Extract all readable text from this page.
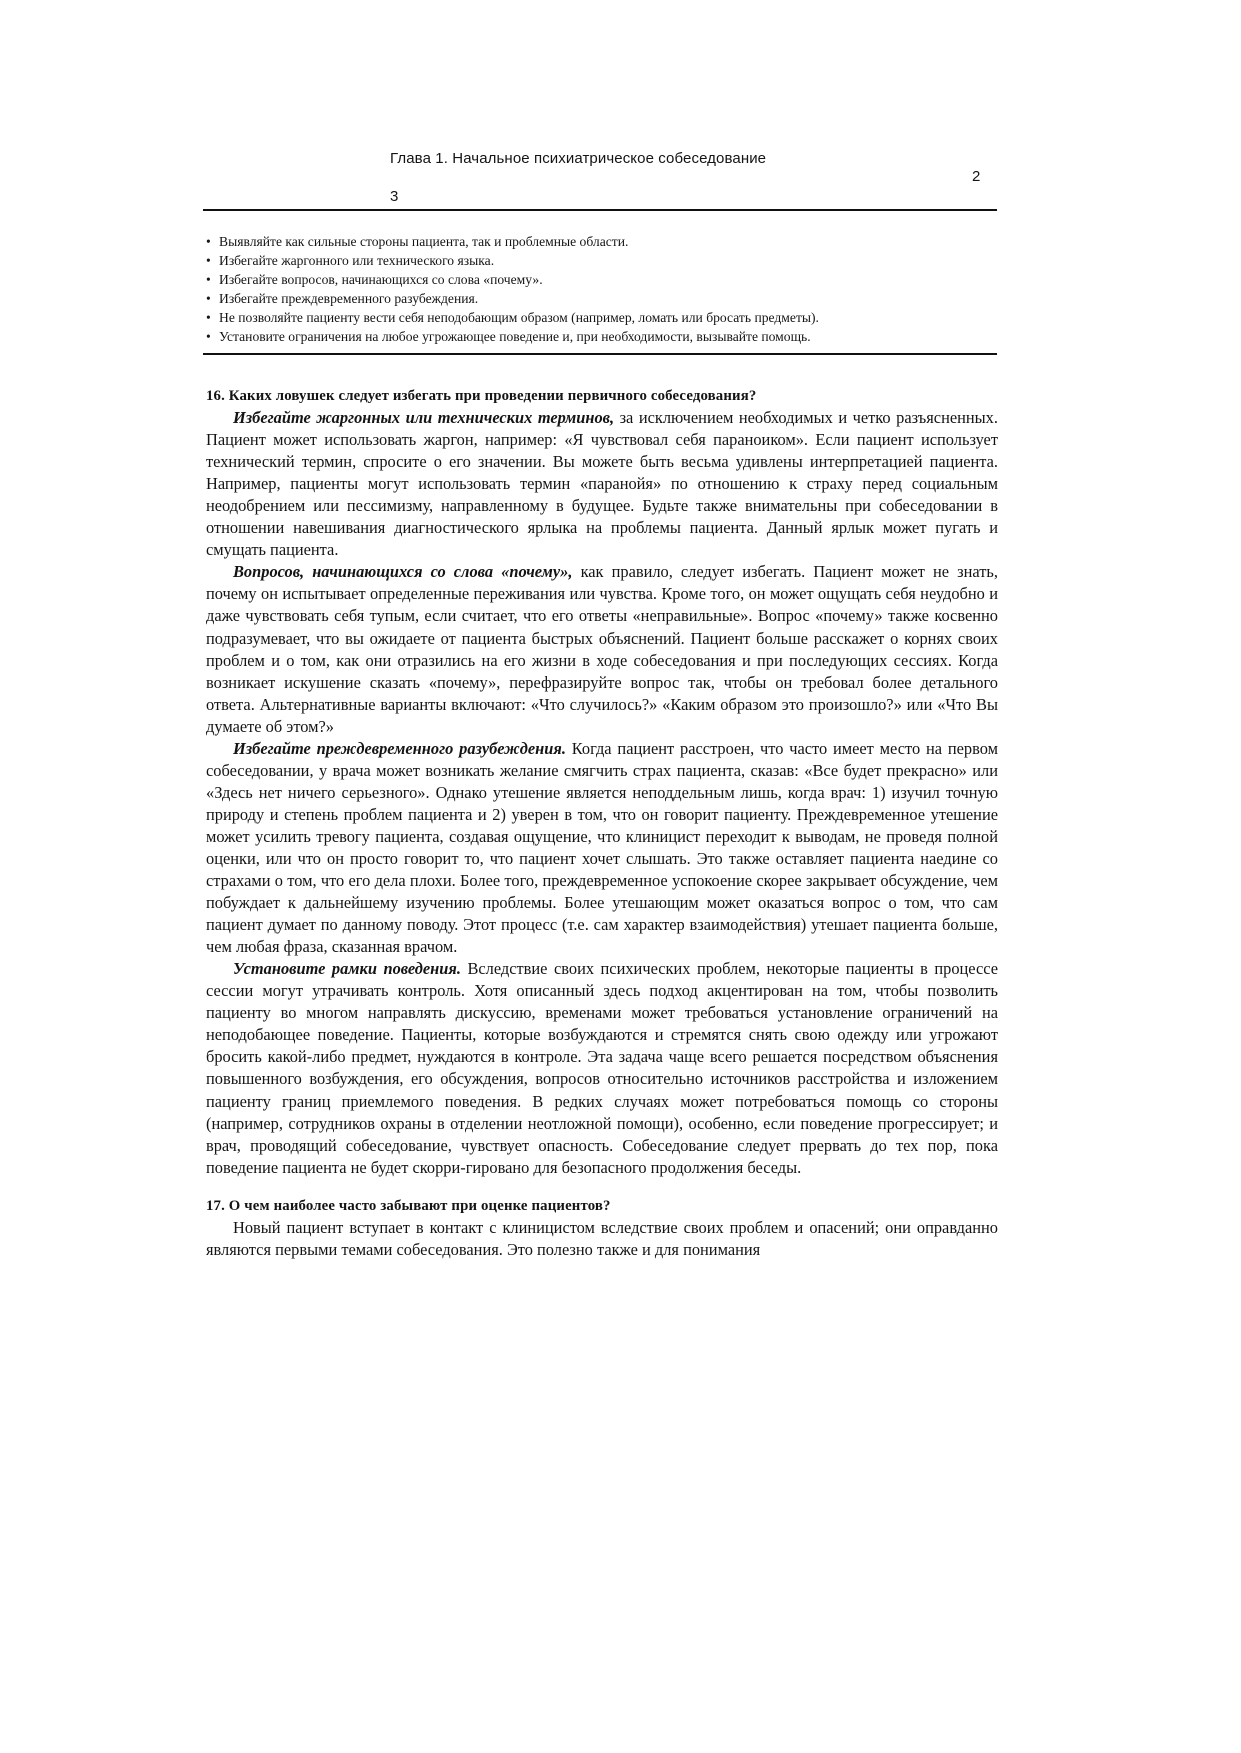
Глава 1. Начальное психиатрическое собеседование
2
3
• Выявляйте как сильные стороны пациента, так и проблемные области.
• Избегайте жаргонного или технического языка.
• Избегайте вопросов, начинающихся со слова «почему».
• Избегайте преждевременного разубеждения.
• Не позволяйте пациенту вести себя неподобающим образом (например, ломать или бросать предметы).
• Установите ограничения на любое угрожающее поведение и, при необходимости, вызывайте помощь.

16. Каких ловушек следует избегать при проведении первичного собеседования?

Избегайте жаргонных или технических терминов, за исключением необходимых и четко разъясненных. Пациент может использовать жаргон, например: «Я чувствовал себя параноиком». Если пациент использует технический термин, спросите о его значении. Вы можете быть весьма удивлены интерпретацией пациента. Например, пациенты могут использовать термин «паранойя» по отношению к страху перед социальным неодобрением или пессимизму, направленному в будущее. Будьте также внимательны при собеседовании в отношении навешивания диагностического ярлыка на проблемы пациента. Данный ярлык может пугать и смущать пациента.

Вопросов, начинающихся со слова «почему», как правило, следует избегать. Пациент может не знать, почему он испытывает определенные переживания или чувства. Кроме того, он может ощущать себя неудобно и даже чувствовать себя тупым, если считает, что его ответы «неправильные». Вопрос «почему» также косвенно подразумевает, что вы ожидаете от пациента быстрых объяснений. Пациент больше расскажет о корнях своих проблем и о том, как они отразились на его жизни в ходе собеседования и при последующих сессиях. Когда возникает искушение сказать «почему», перефразируйте вопрос так, чтобы он требовал более детального ответа. Альтернативные варианты включают: «Что случилось?» «Каким образом это произошло?» или «Что Вы думаете об этом?»

Избегайте преждевременного разубеждения. Когда пациент расстроен, что часто имеет место на первом собеседовании, у врача может возникать желание смягчить страх пациента, сказав: «Все будет прекрасно» или «Здесь нет ничего серьезного». Однако утешение является неподдельным лишь, когда врач: 1) изучил точную природу и степень проблем пациента и 2) уверен в том, что он говорит пациенту. Преждевременное утешение может усилить тревогу пациента, создавая ощущение, что клиницист переходит к выводам, не проведя полной оценки, или что он просто говорит то, что пациент хочет слышать. Это также оставляет пациента наедине со страхами о том, что его дела плохи. Более того, преждевременное успокоение скорее закрывает обсуждение, чем побуждает к дальнейшему изучению проблемы. Более утешающим может оказаться вопрос о том, что сам пациент думает по данному поводу. Этот процесс (т.е. сам характер взаимодействия) утешает пациента больше, чем любая фраза, сказанная врачом.

Установите рамки поведения. Вследствие своих психических проблем, некоторые пациенты в процессе сессии могут утрачивать контроль. Хотя описанный здесь подход акцентирован на том, чтобы позволить пациенту во многом направлять дискуссию, временами может требоваться установление ограничений на неподобающее поведение. Пациенты, которые возбуждаются и стремятся снять свою одежду или угрожают бросить какой-либо предмет, нуждаются в контроле. Эта задача чаще всего решается посредством объяснения повышенного возбуждения, его обсуждения, вопросов относительно источников расстройства и изложением пациенту границ приемлемого поведения. В редких случаях может потребоваться помощь со стороны (например, сотрудников охраны в отделении неотложной помощи), особенно, если поведение прогрессирует; и врач, проводящий собеседование, чувствует опасность. Собеседование следует прервать до тех пор, пока поведение пациента не будет скорри-гировано для безопасного продолжения беседы.

17. О чем наиболее часто забывают при оценке пациентов?

Новый пациент вступает в контакт с клиницистом вследствие своих проблем и опасений; они оправданно являются первыми темами собеседования. Это полезно также и для понимания
